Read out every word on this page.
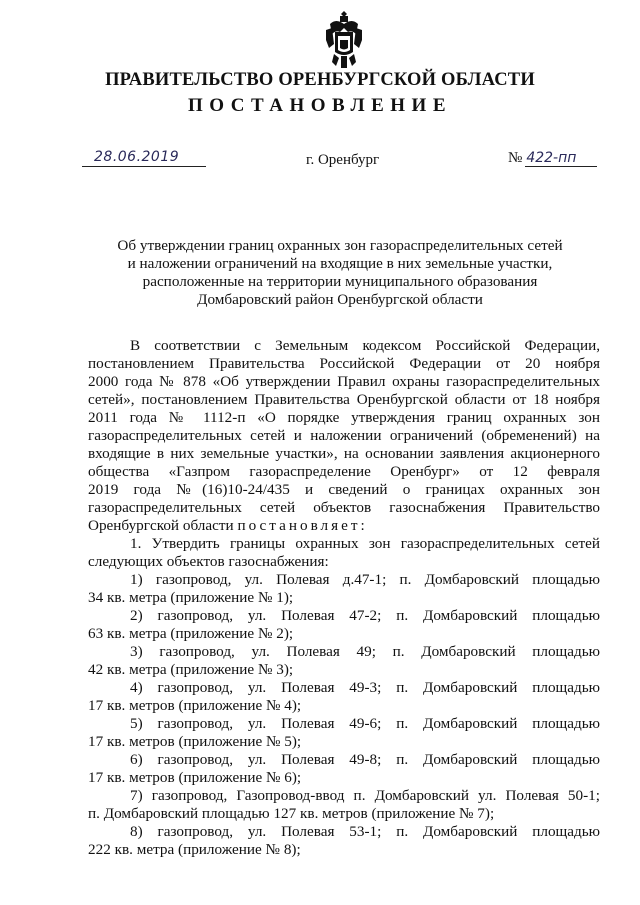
ПРАВИТЕЛЬСТВО ОРЕНБУРГСКОЙ ОБЛАСТИ
ПОСТАНОВЛЕНИЕ
28.06.2019	г. Оренбург	№ 422-пп
Об утверждении границ охранных зон газораспределительных сетей
и наложении ограничений на входящие в них земельные участки,
расположенные на территории муниципального образования
Домбаровский район Оренбургской области
В соответствии с Земельным кодексом Российской Федерации,
постановлением Правительства Российской Федерации от 20 ноября
2000 года № 878 «Об утверждении Правил охраны газораспределительных
сетей», постановлением Правительства Оренбургской области от 18 ноября
2011 года № 1112-п «О порядке утверждения границ охранных зон
газораспределительных сетей и наложении ограничений (обременений) на
входящие в них земельные участки», на основании заявления акционерного
общества «Газпром газораспределение Оренбург» от 12 февраля
2019 года №(16)10-24/435 и сведений о границах охранных зон
газораспределительных сетей объектов газоснабжения Правительство
Оренбургской области постановляет:
1. Утвердить границы охранных зон газораспределительных сетей
следующих объектов газоснабжения:
1) газопровод, ул. Полевая д.47-1; п. Домбаровский площадью
34 кв. метра (приложение № 1);
2) газопровод, ул. Полевая 47-2; п. Домбаровский площадью
63 кв. метра (приложение № 2);
3) газопровод, ул. Полевая 49; п. Домбаровский площадью
42 кв. метра (приложение № 3);
4) газопровод, ул. Полевая 49-3; п. Домбаровский площадью
17 кв. метров (приложение № 4);
5) газопровод, ул. Полевая 49-6; п. Домбаровский площадью
17 кв. метров (приложение № 5);
6) газопровод, ул. Полевая 49-8; п. Домбаровский площадью
17 кв. метров (приложение № 6);
7) газопровод, Газопровод-ввод п. Домбаровский ул. Полевая 50-1;
п. Домбаровский площадью 127 кв. метров (приложение № 7);
8) газопровод, ул. Полевая 53-1; п. Домбаровский площадью
222 кв. метра (приложение № 8);
